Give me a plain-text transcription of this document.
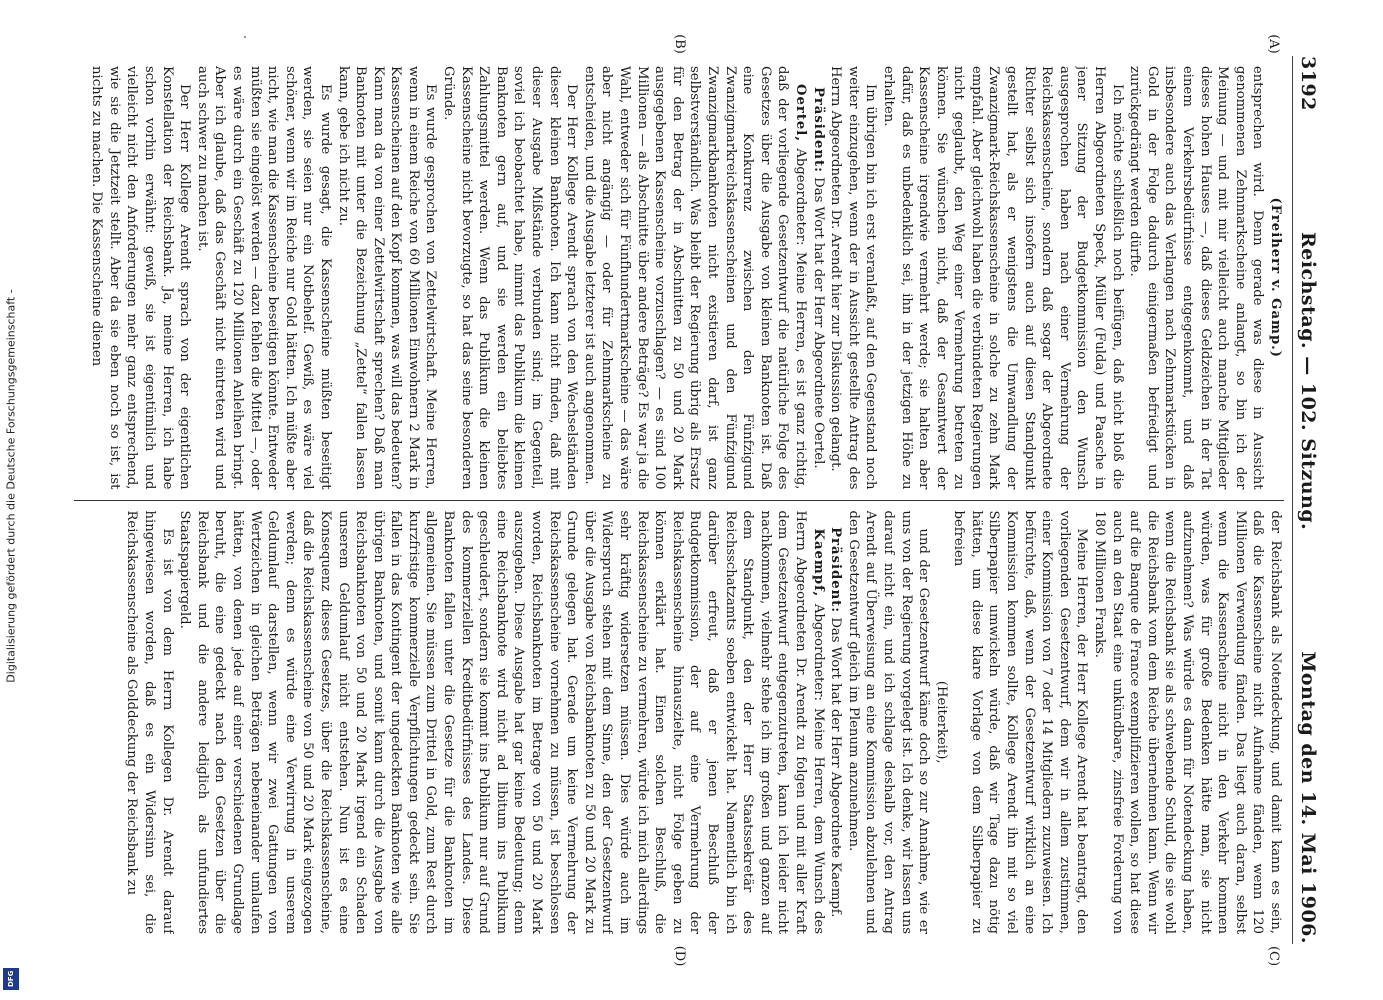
Digitalisierung gefördert durch die Deutsche Forschungsgemeinschaft -
DFG
3192
Reichstag. — 102. Sitzung.
Montag den 14. Mai 1906.
(A)
(B)

(Freiherr v. Gamp.)

entsprechen wird. Denn gerade was diese in Aussicht genommenen Zehnmarkscheine anlangt, so bin ich der Meinung — und mit mir vielleicht auch manche Mitglieder dieses hohen Hauses —, daß dieses Geldzeichen in der Tat einem Verkehrsbedürfnisse entgegenkommt, und daß insbesondere auch das Verlangen nach Zehnmarkstücken in Gold in der Folge dadurch einigermaßen befriedigt und zurückgedrängt werden dürfte.

Ich möchte schließlich noch beifügen, daß nicht bloß die Herren Abgeordneten Speck, Müller (Fulda) und Paasche in jener Sitzung der Budgetkommission den Wunsch ausgesprochen haben nach einer Vermehrung der Reichskassenscheine, sondern daß sogar der Abgeordnete Richter selbst sich insofern auch auf diesen Standpunkt gestellt hat, als er wenigstens die Umwandlung der Zwanzigmark-Reichskassenscheine in solche zu zehn Mark empfahl. Aber gleichwohl haben die verbündeten Regierungen nicht geglaubt, den Weg einer Vermehrung betreten zu können. Sie wünschen nicht, daß der Gesamtwert der Kassenscheine irgendwie vermehrt werde; sie halten aber dafür, daß es unbedenklich sei, ihn in der jetzigen Höhe zu erhalten.

Im übrigen bin ich erst veranlaßt, auf den Gegenstand noch weiter einzugehen, wenn der in Aussicht gestellte Antrag des Herrn Abgeordneten Dr. Arendt hier zur Diskussion gelangt.

Präsident: Das Wort hat der Herr Abgeordnete Oertel.

Oertel, Abgeordneter: Meine Herren, es ist ganz richtig, daß der vorliegende Gesetzentwurf die natürliche Folge des Gesetzes über die Ausgabe von kleinen Banknoten ist. Daß eine Konkurrenz zwischen den Fünfzigund Zwanzigmarkreichskassenscheinen und den Fünfzigund Zwanzigmarkbanknoten nicht existieren darf, ist ganz selbstverständlich. Was bleibt der Regierung übrig als Ersatz für den Betrag der in Abschnitten zu 50 und 20 Mark ausgegebenen Kassenscheine vorzuschlagen? — es sind 100 Millionen — als Abschnitte über andere Beträge? Es war ja die Wahl, entweder sich für Fünfhundertmarkscheine — das wäre aber nicht angängig — oder für Zehnmarkscheine zu entscheiden, und die Ausgabe letzterer ist auch angenommen.

Der Herr Kollege Arendt sprach von den Wechselständen dieser kleinen Banknoten. Ich kann nicht finden, daß mit dieser Ausgabe Mißstände verbunden sind; im Gegenteil, soviel ich beobachtet habe, nimmt das Publikum die kleinen Banknoten gern auf, und sie werden ein beliebtes Zahlungsmittel werden. Wenn das Publikum die kleinen Kassenscheine nicht bevorzugte, so hat das seine besonderen Gründe.

Es wurde gesprochen von Zettelwirtschaft. Meine Herren, wenn in einem Reiche von 60 Millionen Einwohnern 2 Mark in Kassenscheinen auf den Kopf kommen, was will das bedeuten? Kann man da von einer Zettelwirtschaft sprechen? Daß man Banknoten mit unter die Bezeichnung „Zettel“ fallen lassen kann, gebe ich nicht zu.

Es wurde gesagt, die Kassenscheine müßten beseitigt werden, sie seien nur ein Notbehelf. Gewiß, es wäre viel schöner, wenn wir im Reiche nur Gold hätten. Ich müßte aber nicht, wie man die Kassenscheine beseitigen könnte. Entweder müßten sie eingelöst werden — dazu fehlen die Mittel —, oder es wäre durch ein Geschäft zu 120 Millionen Anleihen bringt. Aber ich glaube, daß das Geschäft nicht eintreten wird und auch schwer zu machen ist.

Der Herr Kollege Arendt sprach von der eigentlichen Konstellation der Reichsbank. Ja, meine Herren, ich habe schon vorhin erwähnt: gewiß, sie ist eigentümlich und vielleicht nicht den Anforderungen mehr ganz entsprechend, wie sie die Jetztzeit stellt. Aber da sie eben noch so ist, ist nichts zu machen. Die Kassenscheine dienen

(C)
(D)

der Reichsbank als Notendeckung, und damit kann es sein, daß die Kassenscheine nicht Aufnahme fänden, wenn 120 Millionen Verwendung fänden. Das liegt auch daran, selbst wenn die Kassenscheine nicht in den Verkehr kommen würden, was für große Bedenken hätte man, sie nicht aufzunehmen? Was würde es dann für Notendeckung haben, wenn die Reichsbank sie als schwebende Schuld, die sie wohl die Reichsbank vom dem Reiche übernehmen kann. Wenn wir auf die Banque de France exemplifizieren wollen, so hat diese auch an den Staat eine unkündbare, zinsfreie Forderung von 180 Millionen Franks.

Meine Herren, der Herr Kollege Arendt hat beantragt, den vorliegenden Gesetzentwurf, dem wir in allem zustimmen, einer Kommission von 7 oder 14 Mitgliedern zuzuweisen. Ich befürchte, daß, wenn der Gesetzentwurf wirklich an eine Kommission kommen sollte, Kollege Arendt ihn mit so viel Silberpapier umwickeln würde, daß wir Tage dazu nötig hätten, um diese klare Vorlage von dem Silberpapier zu befreien

(Heiterkeit),

und der Gesetzentwurf käme doch so zur Annahme, wie er uns von der Regierung vorgelegt ist. Ich denke, wir lassen uns darauf nicht ein, und ich schlage deshalb vor, den Antrag Arendt auf Überweisung an eine Kommission abzulehnen und den Gesetzentwurf gleich im Plenum anzunehmen.

Präsident: Das Wort hat der Herr Abgeordnete Kaempf.

Kaempf, Abgeordneter: Meine Herren, dem Wunsch des Herrn Abgeordneten Dr. Arendt zu folgen und mit aller Kraft dem Gesetzentwurf entgegenzutreten, kann ich leider nicht nachkommen, vielmehr stehe ich im großen und ganzen auf dem Standpunkt, den der Herr Staatssekretär des Reichsschatzamts soeben entwickelt hat. Namentlich bin ich darüber erfreut, daß er jenen Beschluß der Budgetkommission, der auf eine Vermehrung der Reichskassenscheine hinauszielte, nicht Folge geben zu können erklärt hat. Einen solchen Beschluß, die Reichskassenscheine zu vermehren, würde ich mich allerdings sehr kräftig widersetzen müssen. Dies würde auch im Widerspruch stehen mit dem Sinne, den der Gesetzentwurf über die Ausgabe von Reichsbanknoten zu 50 und 20 Mark zu Grunde gelegen hat. Gerade um keine Vermehrung der Reichskassenscheine vornehmen zu müssen, ist beschlossen worden, Reichsbanknoten im Betrage von 50 und 20 Mark auszugeben. Diese Ausgabe hat gar keine Bedeutung; denn eine Reichsbanknote wird nicht ad libitum ins Publikum geschleudert, sondern sie kommt ins Publikum nur auf Grund des kommerziellen Kreditbedürfnisses des Landes. Diese Banknoten fallen unter die Gesetze für die Banknoten im allgemeinen. Sie müssen zum Drittel in Gold, zum Rest durch kurzfristige kommerzielle Verpflichtungen gedeckt sein. Sie fallen in das Kontingent der ungedeckten Banknoten wie alle übrigen Banknoten, und somit kann durch die Ausgabe von Reichsbanknoten von 50 und 20 Mark irgend ein Schaden unserem Geldumlauf nicht entstehen. Nun ist es eine Konsequenz dieses Gesetzes, über die Reichskassenscheine, daß die Reichskassenscheine von 50 und 20 Mark eingezogen werden; denn es würde eine Verwirrung in unserem Geldumlauf darstellen, wenn wir zwei Gattungen von Wertzeichen in gleichen Beträgen nebeneinander umlaufen hätten, von denen jede auf einer verschiedenen Grundlage beruht, die eine gedeckt nach den Gesetzen über die Reichsbank und die andere lediglich als unfundiertes Staatspapiergeld.

Es ist von dem Herrn Kollegen Dr. Arendt darauf hingewiesen worden, daß es ein Widersinn sei, die Reichskassenscheine als Golddeckung der Reichsbank zu
